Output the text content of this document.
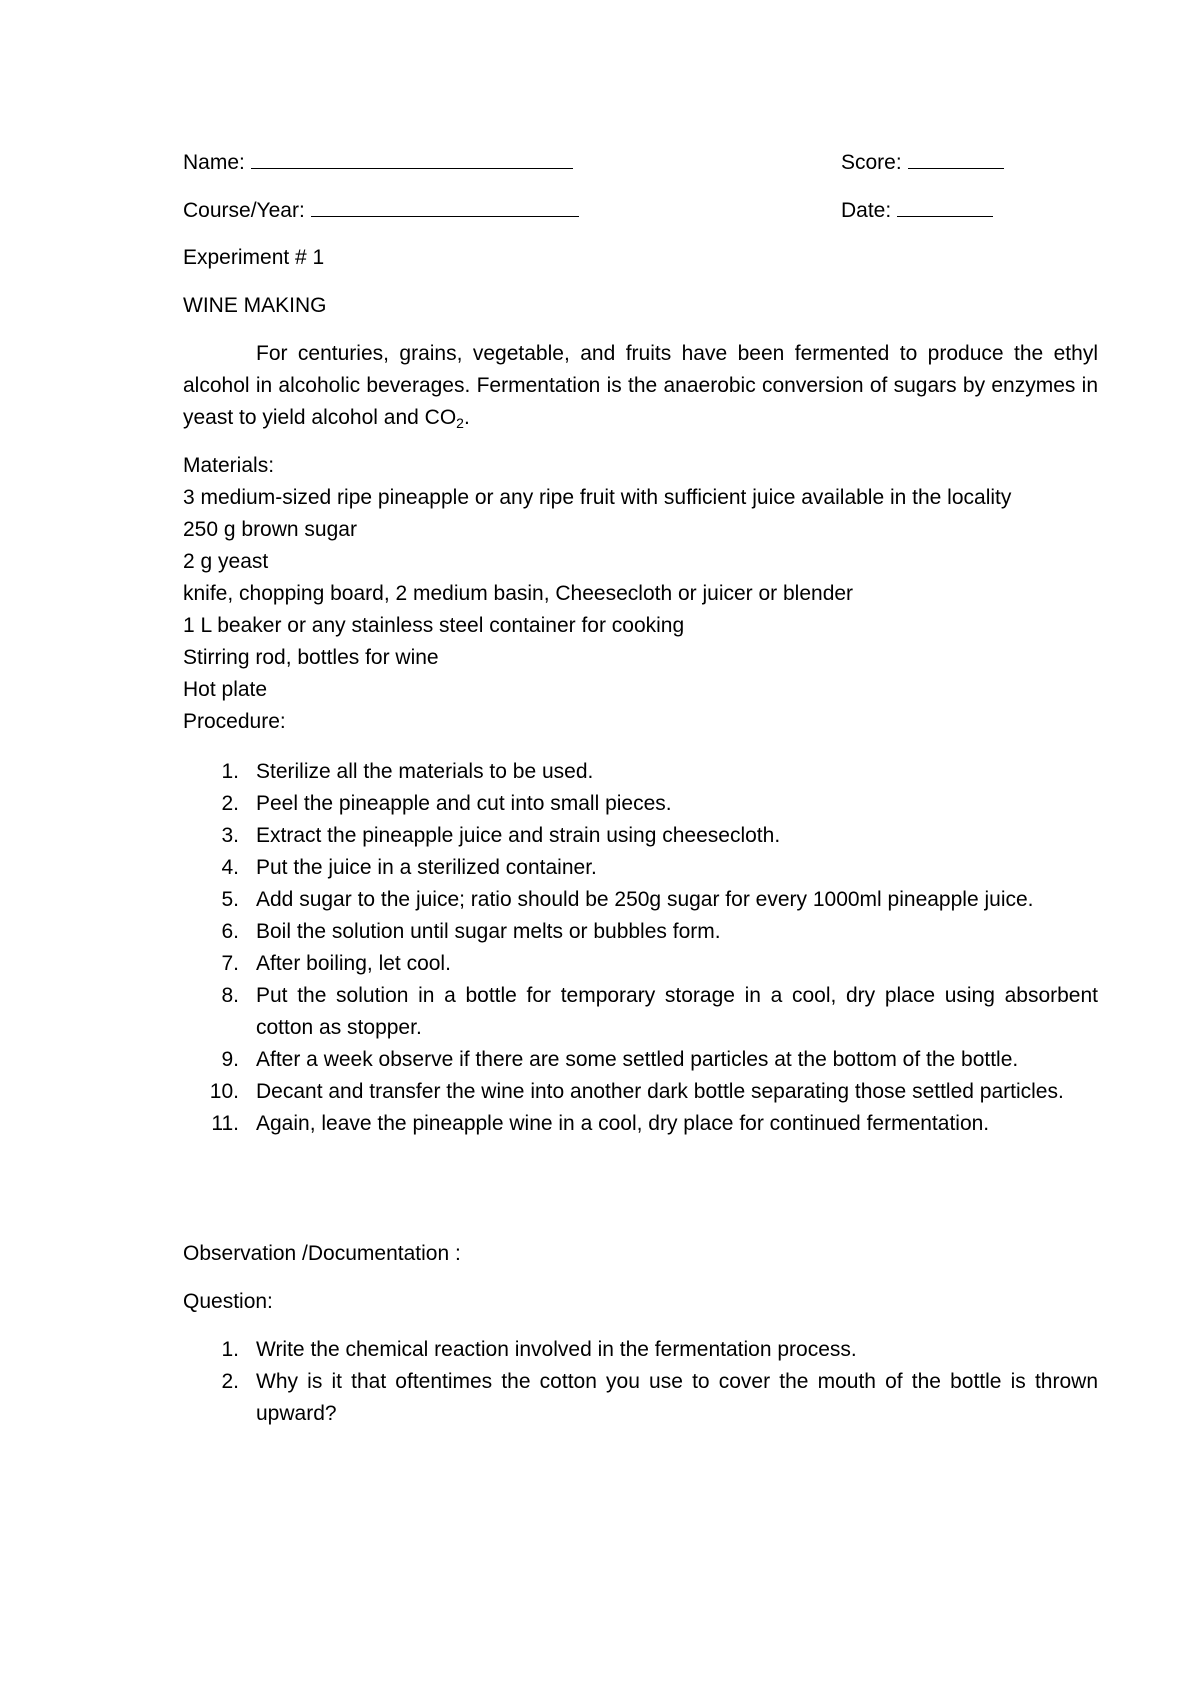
Name:	Score:
Course/Year:	Date:
Experiment # 1
WINE MAKING

For centuries, grains, vegetable, and fruits have been fermented to produce the ethyl alcohol in alcoholic beverages. Fermentation is the anaerobic conversion of sugars by enzymes in yeast to yield alcohol and $CO_2$.

Materials:
3 medium-sized ripe pineapple or any ripe fruit with sufficient juice available in the locality
250 g brown sugar
2 g yeast
knife, chopping board, 2 medium basin, Cheesecloth or juicer or blender
1 L beaker or any stainless steel container for cooking
Stirring rod, bottles for wine
Hot plate
Procedure:
1. Sterilize all the materials to be used.
2. Peel the pineapple and cut into small pieces.
3. Extract the pineapple juice and strain using cheesecloth.
4. Put the juice in a sterilized container.
5. Add sugar to the juice; ratio should be 250g sugar for every 1000ml pineapple juice.
6. Boil the solution until sugar melts or bubbles form.
7. After boiling, let cool.
8. Put the solution in a bottle for temporary storage in a cool, dry place using absorbent cotton as stopper.
9. After a week observe if there are some settled particles at the bottom of the bottle.
10. Decant and transfer the wine into another dark bottle separating those settled particles.
11. Again, leave the pineapple wine in a cool, dry place for continued fermentation.
Observation /Documentation :
Question:
1. Write the chemical reaction involved in the fermentation process.
2. Why is it that oftentimes the cotton you use to cover the mouth of the bottle is thrown upward?
